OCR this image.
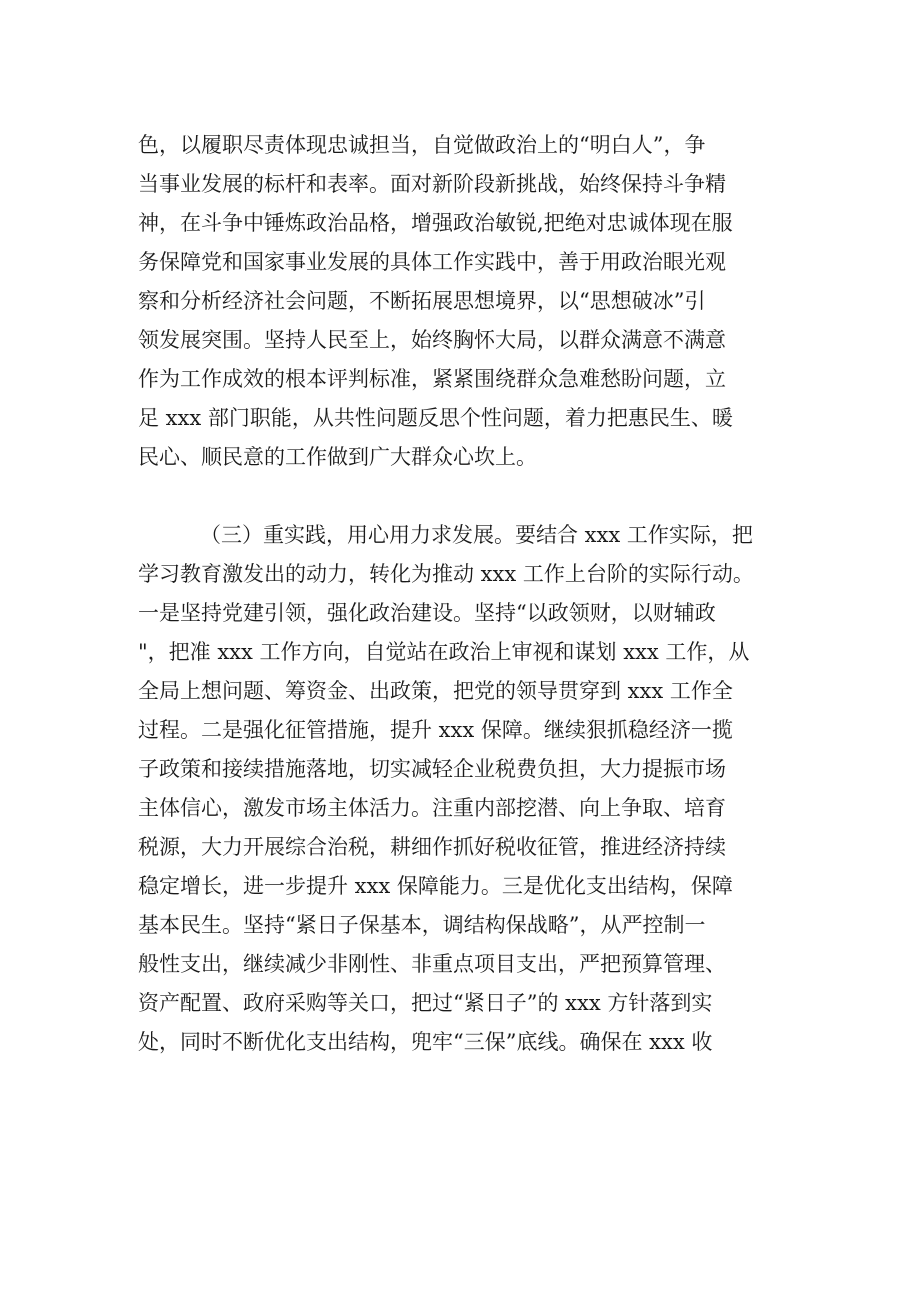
色，以履职尽责体现忠诚担当，自觉做政治上的“明白人”，争
当事业发展的标杆和表率。面对新阶段新挑战，始终保持斗争精
神，在斗争中锤炼政治品格，增强政治敏锐,把绝对忠诚体现在服
务保障党和国家事业发展的具体工作实践中，善于用政治眼光观
察和分析经济社会问题，不断拓展思想境界，以“思想破冰”引
领发展突围。坚持人民至上，始终胸怀大局，以群众满意不满意
作为工作成效的根本评判标准，紧紧围绕群众急难愁盼问题，立
足 xxx 部门职能，从共性问题反思个性问题，着力把惠民生、暖
民心、顺民意的工作做到广大群众心坎上。
（三）重实践，用心用力求发展。要结合 xxx 工作实际，把
学习教育激发出的动力，转化为推动 xxx 工作上台阶的实际行动。
一是坚持党建引领，强化政治建设。坚持“以政领财，以财辅政
"，把准 xxx 工作方向，自觉站在政治上审视和谋划 xxx 工作，从
全局上想问题、筹资金、出政策，把党的领导贯穿到 xxx 工作全
过程。二是强化征管措施，提升 xxx 保障。继续狠抓稳经济一揽
子政策和接续措施落地，切实减轻企业税费负担，大力提振市场
主体信心，激发市场主体活力。注重内部挖潜、向上争取、培育
税源，大力开展综合治税，耕细作抓好税收征管，推进经济持续
稳定增长，进一步提升 xxx 保障能力。三是优化支出结构，保障
基本民生。坚持“紧日子保基本，调结构保战略”，从严控制一
般性支出，继续减少非刚性、非重点项目支出，严把预算管理、
资产配置、政府采购等关口，把过“紧日子”的 xxx 方针落到实
处，同时不断优化支出结构，兜牢“三保”底线。确保在 xxx 收
